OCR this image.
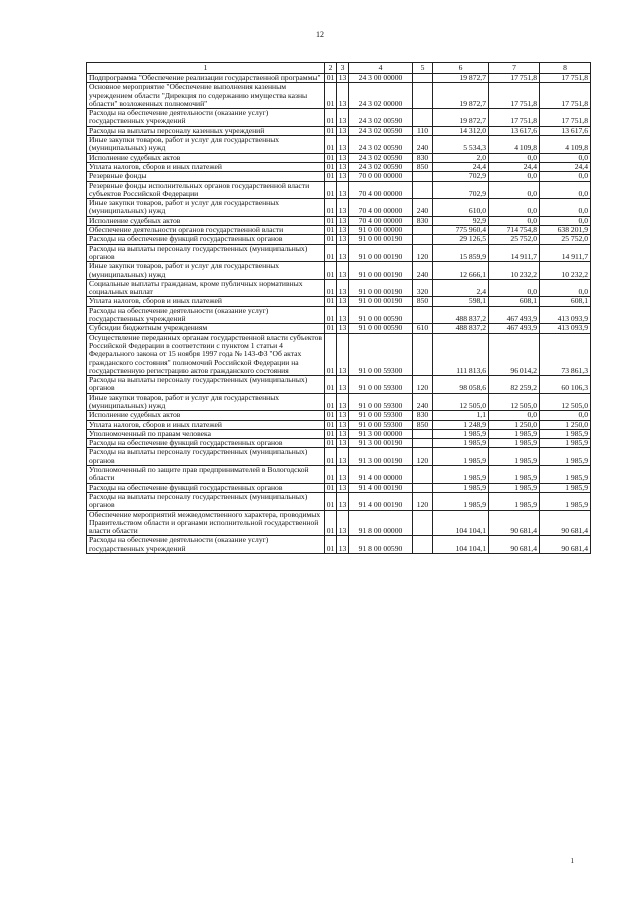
12
1	2	3	4	5	6	7	8
Подпрограмма "Обеспечение реализации государственной программы"	01	13	24 3 00 00000		19 872,7	17 751,8	17 751,8
Основное мероприятие "Обеспечение выполнения казенным учреждением области "Дирекция по содержанию имущества казны области" возложенных полномочий"	01	13	24 3 02 00000		19 872,7	17 751,8	17 751,8
Расходы на обеспечение деятельности (оказание услуг) государственных учреждений	01	13	24 3 02 00590		19 872,7	17 751,8	17 751,8
Расходы на выплаты персоналу казенных учреждений	01	13	24 3 02 00590	110	14 312,0	13 617,6	13 617,6
Иные закупки товаров, работ и услуг для государственных (муниципальных) нужд	01	13	24 3 02 00590	240	5 534,3	4 109,8	4 109,8
Исполнение судебных актов	01	13	24 3 02 00590	830	2,0	0,0	0,0
Уплата налогов, сборов и иных платежей	01	13	24 3 02 00590	850	24,4	24,4	24,4
Резервные фонды	01	13	70 0 00 00000		702,9	0,0	0,0
Резервные фонды исполнительных органов государственной власти субъектов Российской Федерации	01	13	70 4 00 00000		702,9	0,0	0,0
Иные закупки товаров, работ и услуг для государственных (муниципальных) нужд	01	13	70 4 00 00000	240	610,0	0,0	0,0
Исполнение судебных актов	01	13	70 4 00 00000	830	92,9	0,0	0,0
Обеспечение деятельности органов государственной власти	01	13	91 0 00 00000		775 960,4	714 754,8	638 201,9
Расходы на обеспечение функций государственных органов	01	13	91 0 00 00190		29 126,5	25 752,0	25 752,0
Расходы на выплаты персоналу государственных (муниципальных) органов	01	13	91 0 00 00190	120	15 859,9	14 911,7	14 911,7
Иные закупки товаров, работ и услуг для государственных (муниципальных) нужд	01	13	91 0 00 00190	240	12 666,1	10 232,2	10 232,2
Социальные выплаты гражданам, кроме публичных нормативных социальных выплат	01	13	91 0 00 00190	320	2,4	0,0	0,0
Уплата налогов, сборов и иных платежей	01	13	91 0 00 00190	850	598,1	608,1	608,1
Расходы на обеспечение деятельности (оказание услуг) государственных учреждений	01	13	91 0 00 00590		488 837,2	467 493,9	413 093,9
Субсидии бюджетным учреждениям	01	13	91 0 00 00590	610	488 837,2	467 493,9	413 093,9
Осуществление переданных органам государственной власти субъектов Российской Федерации в соответствии с пунктом 1 статьи 4 Федерального закона от 15 ноября 1997 года № 143-ФЗ "Об актах гражданского состояния" полномочий Российской Федерации на государственную регистрацию актов гражданского состояния	01	13	91 0 00 59300		111 813,6	96 014,2	73 861,3
Расходы на выплаты персоналу государственных (муниципальных) органов	01	13	91 0 00 59300	120	98 058,6	82 259,2	60 106,3
Иные закупки товаров, работ и услуг для государственных (муниципальных) нужд	01	13	91 0 00 59300	240	12 505,0	12 505,0	12 505,0
Исполнение судебных актов	01	13	91 0 00 59300	830	1,1	0,0	0,0
Уплата налогов, сборов и иных платежей	01	13	91 0 00 59300	850	1 248,9	1 250,0	1 250,0
Уполномоченный по правам человека	01	13	91 3 00 00000		1 985,9	1 985,9	1 985,9
Расходы на обеспечение функций государственных органов	01	13	91 3 00 00190		1 985,9	1 985,9	1 985,9
Расходы на выплаты персоналу государственных (муниципальных) органов	01	13	91 3 00 00190	120	1 985,9	1 985,9	1 985,9
Уполномоченный по защите прав предпринимателей в Вологодской области	01	13	91 4 00 00000		1 985,9	1 985,9	1 985,9
Расходы на обеспечение функций государственных органов	01	13	91 4 00 00190		1 985,9	1 985,9	1 985,9
Расходы на выплаты персоналу государственных (муниципальных) органов	01	13	91 4 00 00190	120	1 985,9	1 985,9	1 985,9
Обеспечение мероприятий межведомственного характера, проводимых Правительством области и органами исполнительной государственной власти области	01	13	91 8 00 00000		104 104,1	90 681,4	90 681,4
Расходы на обеспечение деятельности (оказание услуг) государственных учреждений	01	13	91 8 00 00590		104 104,1	90 681,4	90 681,4
1
